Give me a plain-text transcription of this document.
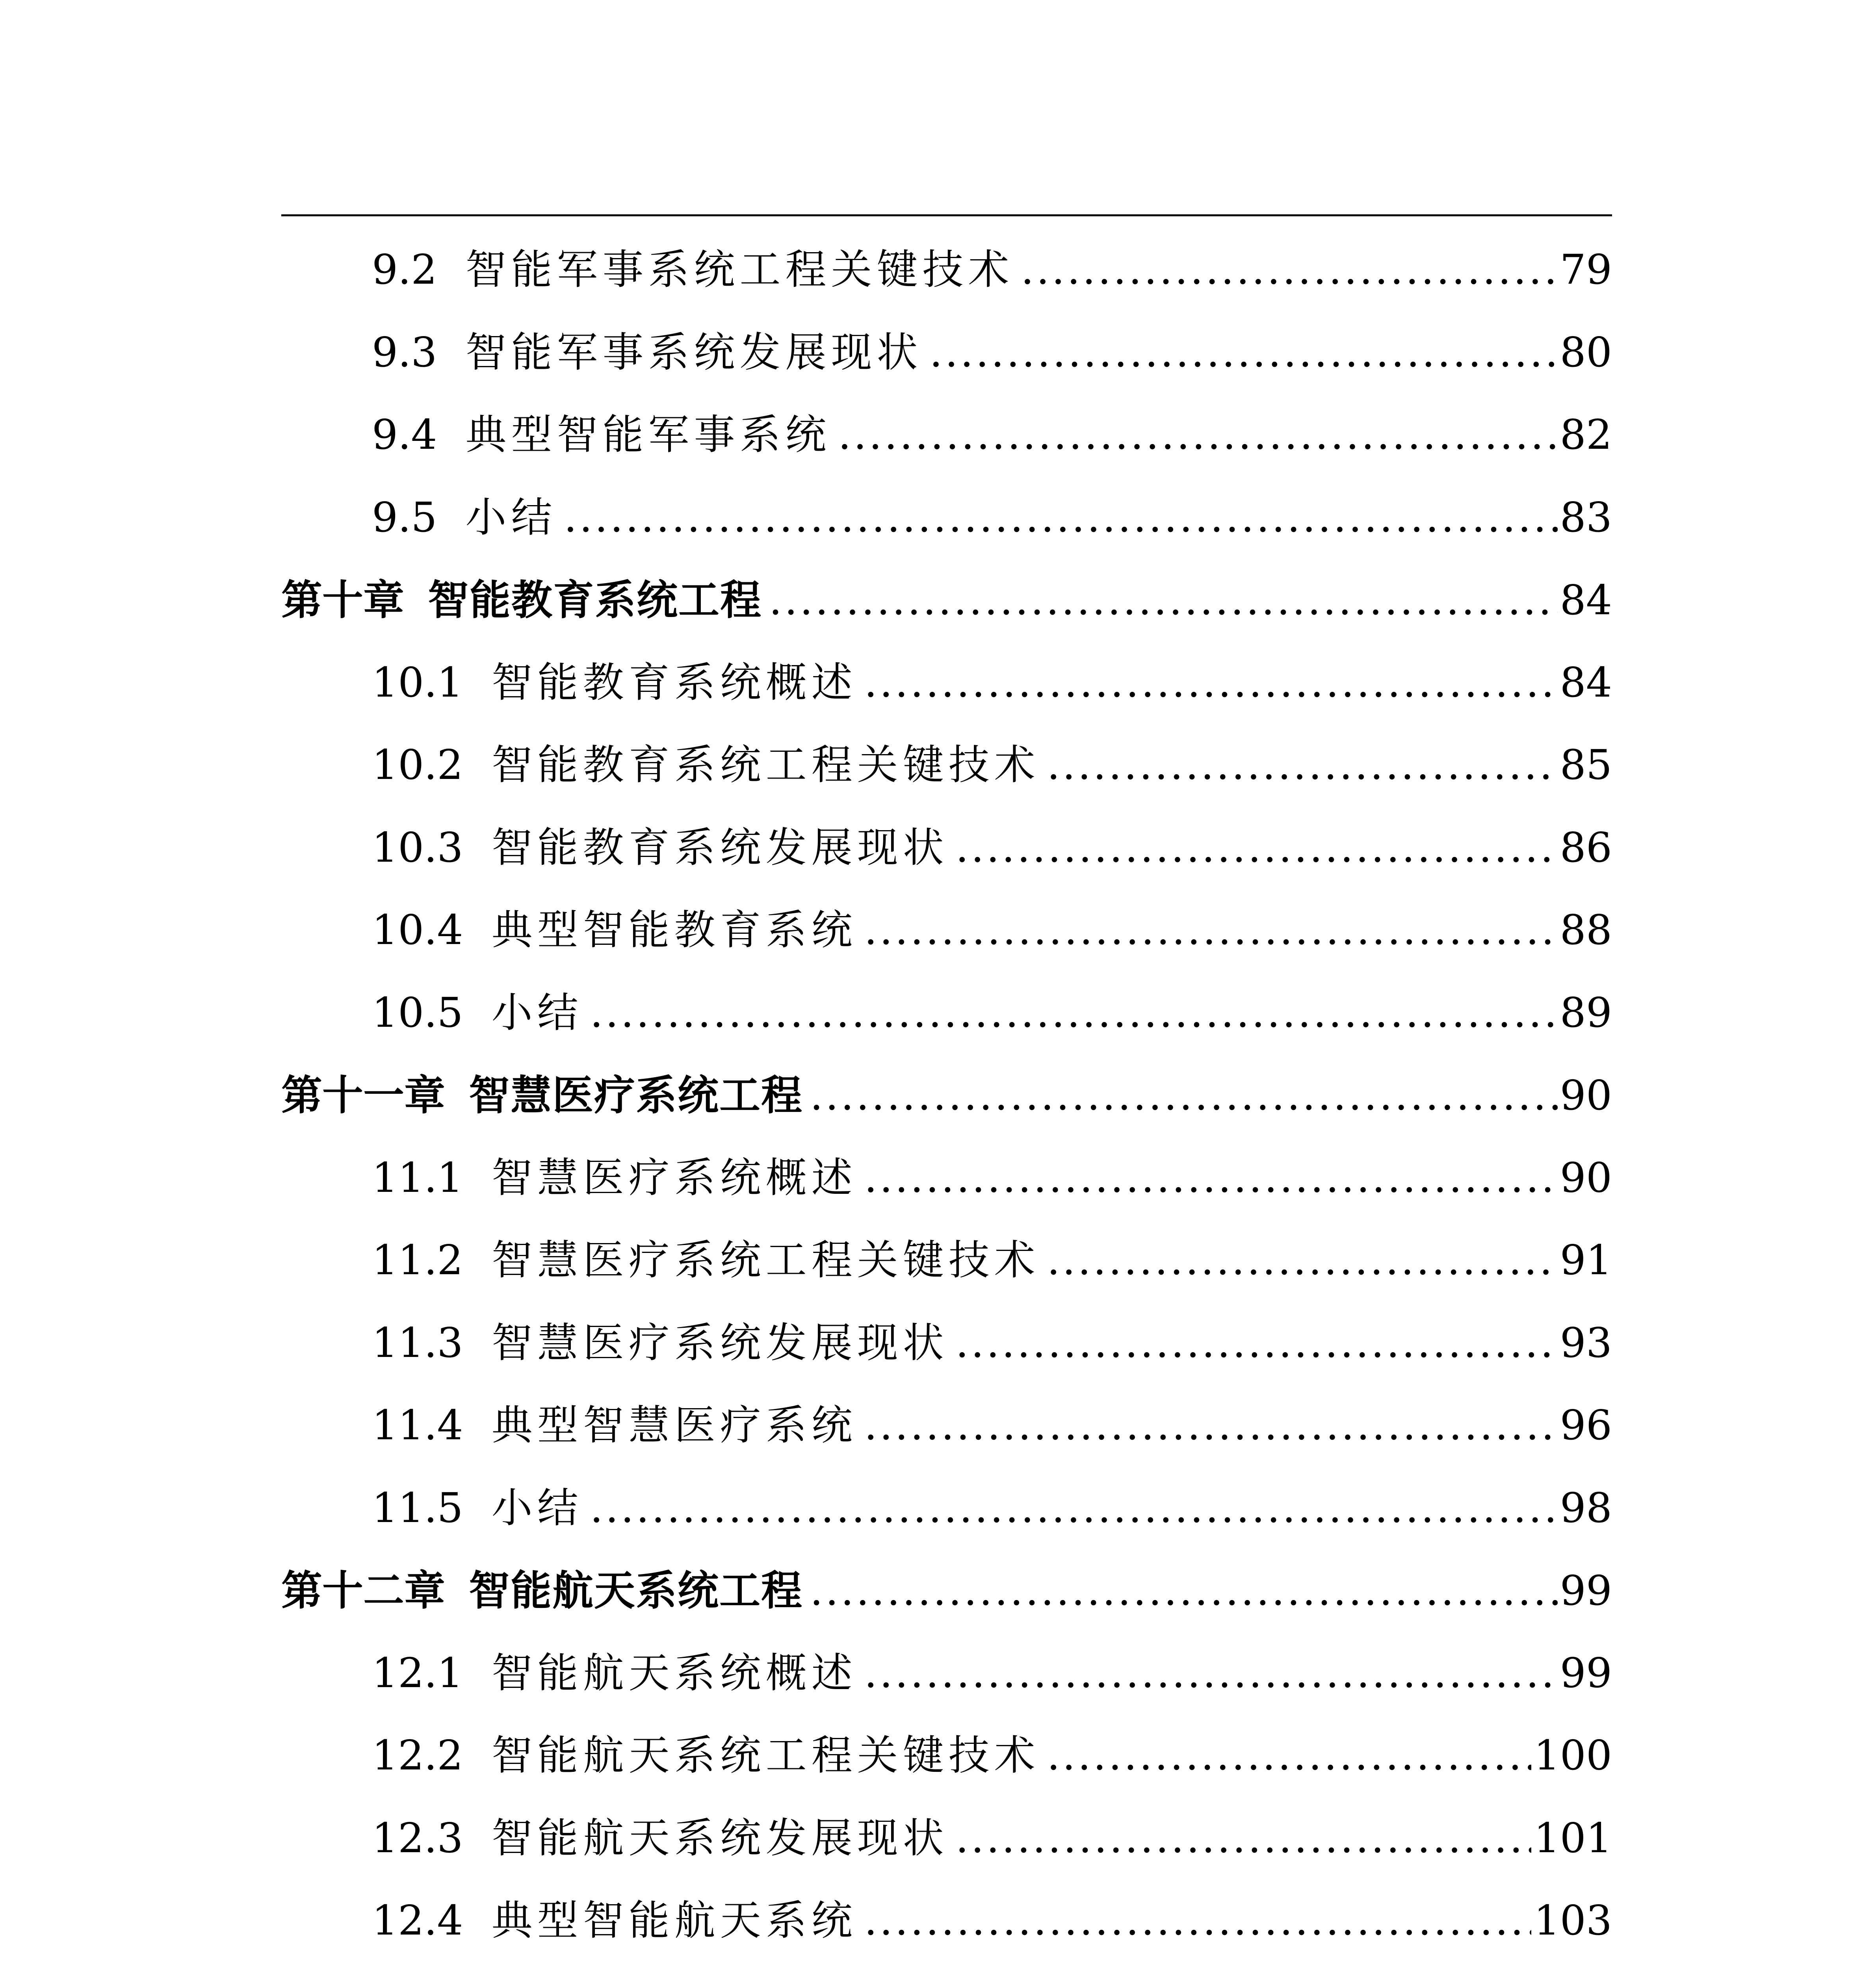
9.2 智能军事系统工程关键技术 .....	79
9.3 智能军事系统发展现状 .....	80
9.4 典型智能军事系统 .....	82
9.5 小结 .....	83
第十章 智能教育系统工程 .....	84
10.1 智能教育系统概述 .....	84
10.2 智能教育系统工程关键技术 .....	85
10.3 智能教育系统发展现状 .....	86
10.4 典型智能教育系统 .....	88
10.5 小结 .....	89
第十一章 智慧医疗系统工程 .....	90
11.1 智慧医疗系统概述 .....	90
11.2 智慧医疗系统工程关键技术 .....	91
11.3 智慧医疗系统发展现状 .....	93
11.4 典型智慧医疗系统 .....	96
11.5 小结 .....	98
第十二章 智能航天系统工程 .....	99
12.1 智能航天系统概述 .....	99
12.2 智能航天系统工程关键技术 .....	100
12.3 智能航天系统发展现状 .....	101
12.4 典型智能航天系统 .....	103
.....
